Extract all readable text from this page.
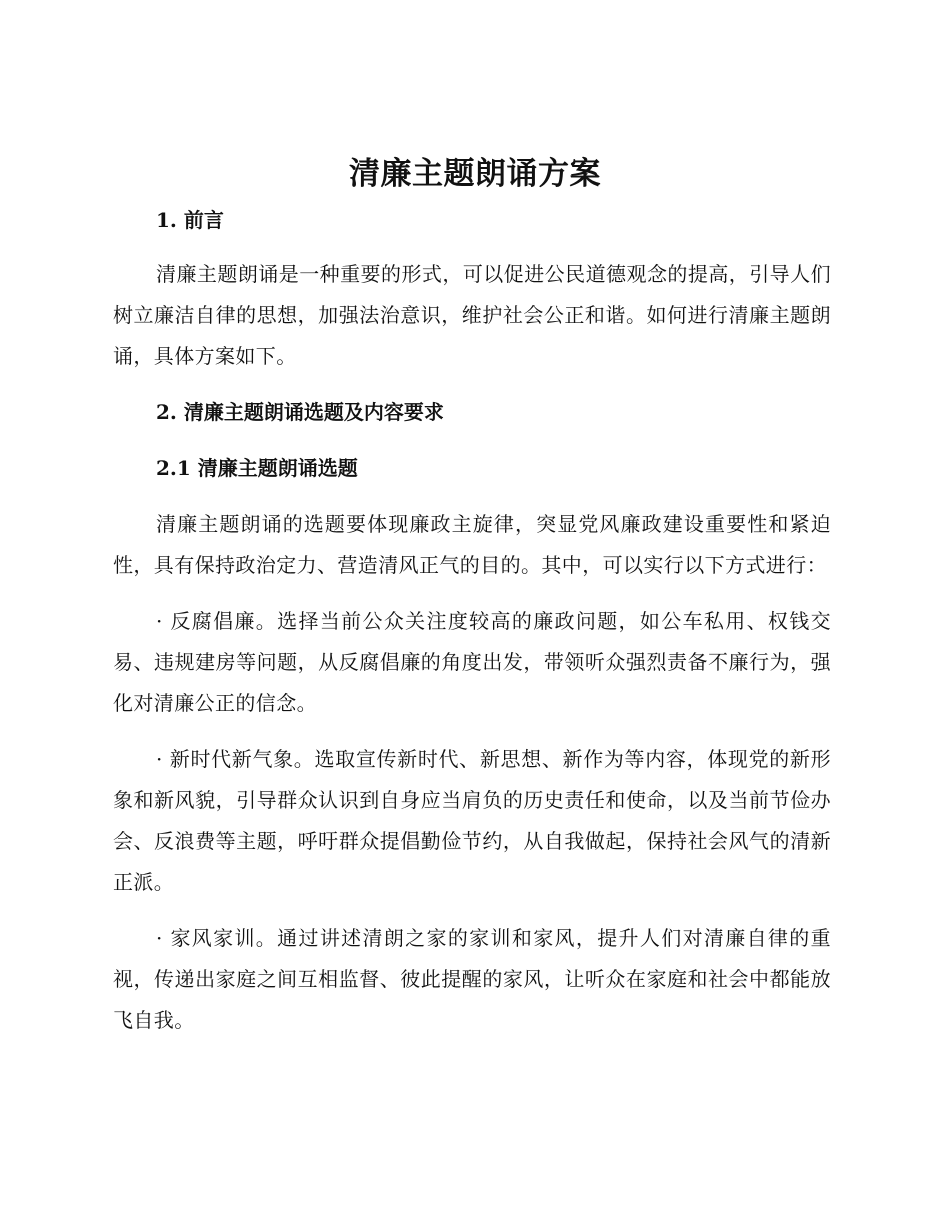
清廉主题朗诵方案
1. 前言

清廉主题朗诵是一种重要的形式，可以促进公民道德观念的提高，引导人们树立廉洁自律的思想，加强法治意识，维护社会公正和谐。如何进行清廉主题朗诵，具体方案如下。

2. 清廉主题朗诵选题及内容要求
2.1 清廉主题朗诵选题

清廉主题朗诵的选题要体现廉政主旋律，突显党风廉政建设重要性和紧迫性，具有保持政治定力、营造清风正气的目的。其中，可以实行以下方式进行：

· 反腐倡廉。选择当前公众关注度较高的廉政问题，如公车私用、权钱交易、违规建房等问题，从反腐倡廉的角度出发，带领听众强烈责备不廉行为，强化对清廉公正的信念。

· 新时代新气象。选取宣传新时代、新思想、新作为等内容，体现党的新形象和新风貌，引导群众认识到自身应当肩负的历史责任和使命，以及当前节俭办会、反浪费等主题，呼吁群众提倡勤俭节约，从自我做起，保持社会风气的清新正派。

· 家风家训。通过讲述清朗之家的家训和家风，提升人们对清廉自律的重视，传递出家庭之间互相监督、彼此提醒的家风，让听众在家庭和社会中都能放飞自我。
